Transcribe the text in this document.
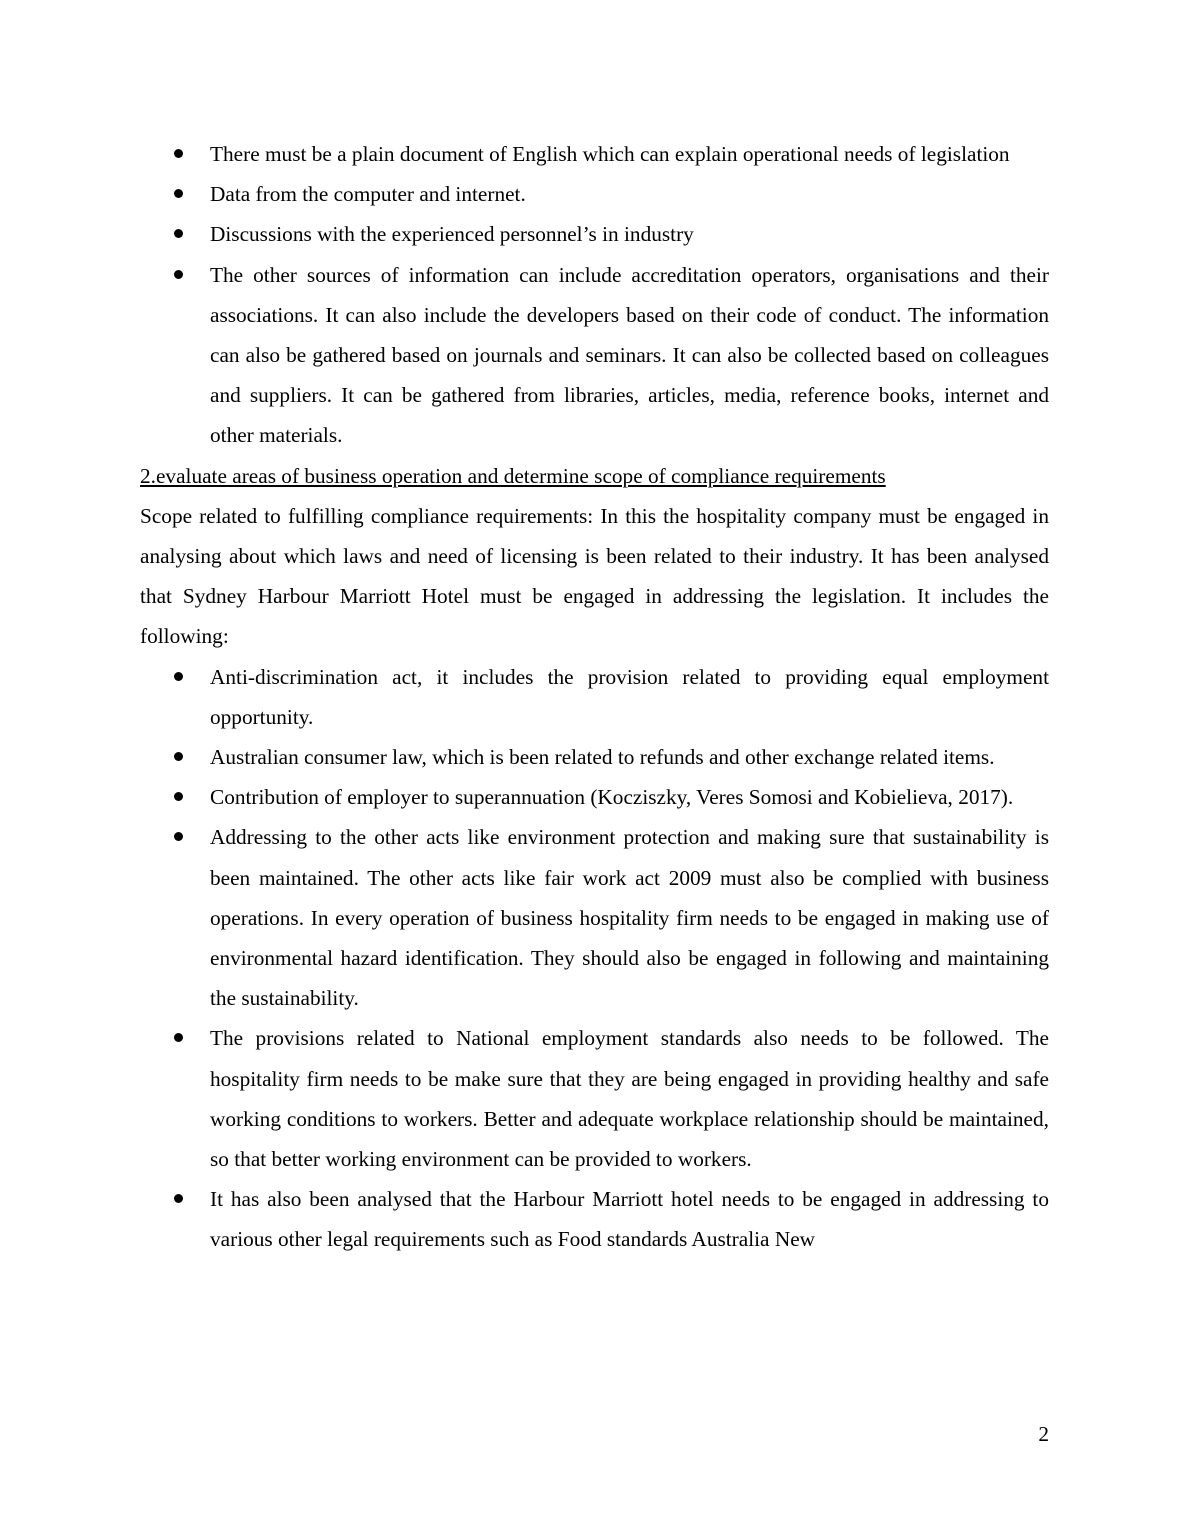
There must be a plain document of English which can explain operational needs of legislation
Data from the computer and internet.
Discussions with the experienced personnel’s in industry
The other sources of information can include accreditation operators, organisations and their associations. It can also include the developers based on their code of conduct. The information can also be gathered based on journals and seminars. It can also be collected based on colleagues and suppliers. It can be gathered from libraries, articles, media, reference books, internet and other materials.
2.evaluate areas of business operation and determine scope of compliance requirements

Scope related to fulfilling compliance requirements: In this the hospitality company must be engaged in analysing about which laws and need of licensing is been related to their industry. It has been analysed that Sydney Harbour Marriott Hotel must be engaged in addressing the legislation. It includes the following:

Anti-discrimination act, it includes the provision related to providing equal employment opportunity.
Australian consumer law, which is been related to refunds and other exchange related items.
Contribution of employer to superannuation (Kocziszky, Veres Somosi and Kobielieva, 2017).
Addressing to the other acts like environment protection and making sure that sustainability is been maintained. The other acts like fair work act 2009 must also be complied with business operations. In every operation of business hospitality firm needs to be engaged in making use of environmental hazard identification. They should also be engaged in following and maintaining the sustainability.
The provisions related to National employment standards also needs to be followed. The hospitality firm needs to be make sure that they are being engaged in providing healthy and safe working conditions to workers. Better and adequate workplace relationship should be maintained, so that better working environment can be provided to workers.
It has also been analysed that the Harbour Marriott hotel needs to be engaged in addressing to various other legal requirements such as Food standards Australia New
2
